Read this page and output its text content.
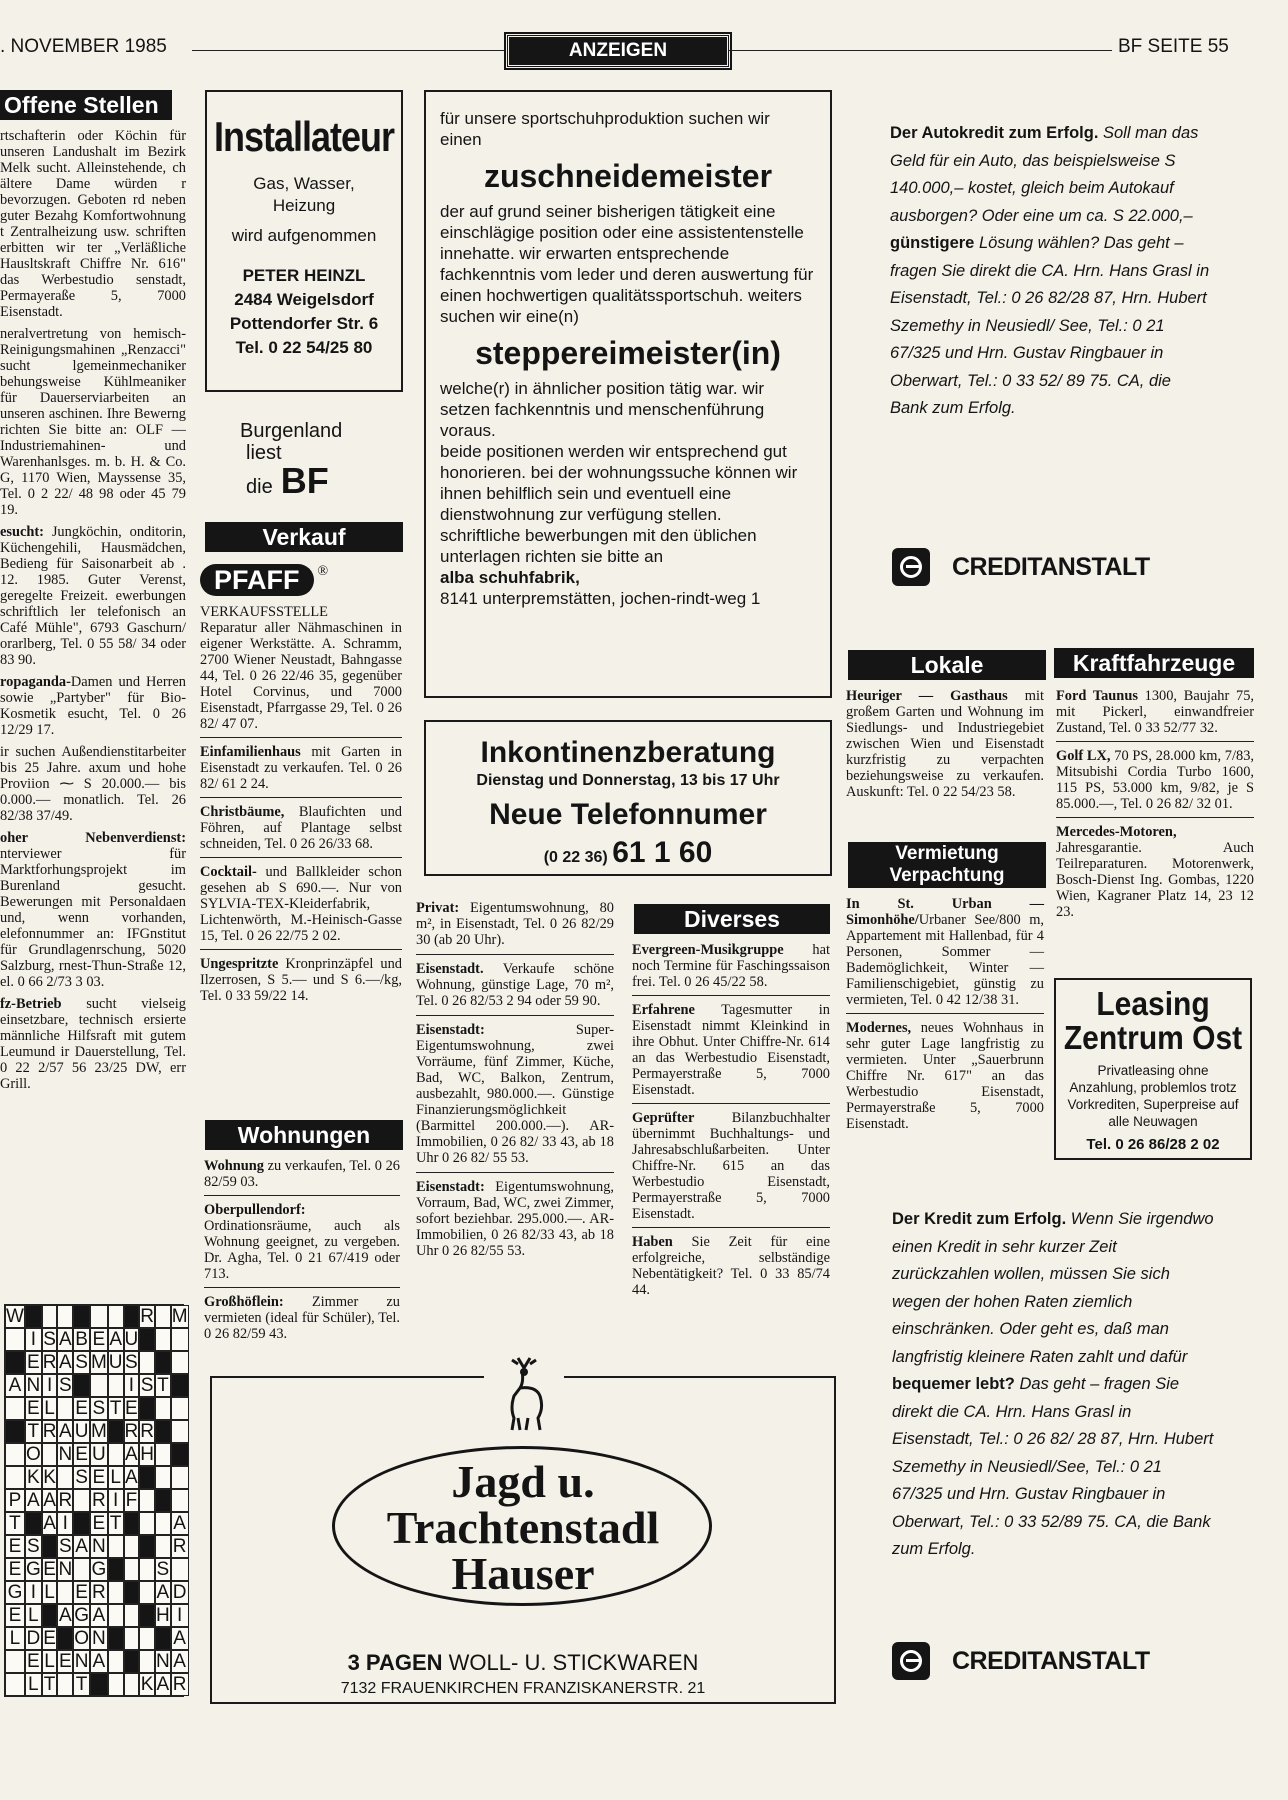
. NOVEMBER 1985	ANZEIGEN	BF SEITE 55
Offene Stellen

rtschafterin oder Köchin für unseren Landushalt im Bezirk Melk sucht. Alleinstehende, ch ältere Dame würden r bevorzugen. Geboten rd neben guter Bezahg Komfortwohnung t Zentralheizung usw. schriften erbitten wir ter „Verläßliche Hausltskraft Chiffre Nr. 616" das Werbestudio senstadt, Permayeraße 5, 7000 Eisenstadt.

neralvertretung von hemisch-Reinigungsmahinen „Renzacci" sucht lgemeinmechaniker behungsweise Kühlmeaniker für Dauerserviarbeiten an unseren aschinen. Ihre Bewerng richten Sie bitte an: OLF — Industriemahinen- und Warenhanlsges. m. b. H. & Co. G, 1170 Wien, Mayssense 35, Tel. 0 2 22/ 48 98 oder 45 79 19.

esucht: Jungköchin, onditorin, Küchengehili, Hausmädchen, Bedieng für Saisonarbeit ab . 12. 1985. Guter Verenst, geregelte Freizeit. ewerbungen schriftlich ler telefonisch an Café Mühle", 6793 Gaschurn/ orarlberg, Tel. 0 55 58/ 34 oder 83 90.

ropaganda-Damen und Herren sowie „Partyber" für Bio-Kosmetik esucht, Tel. 0 26 12/29 17.

ir suchen Außendienstitarbeiter bis 25 Jahre. axum und hohe Proviion ⁓ S 20.000.— bis 0.000.— monatlich. Tel. 26 82/38 37/49.

oher Nebenverdienst: nterviewer für Marktforhungsprojekt im Burenland gesucht. Bewerungen mit Personaldaen und, wenn vorhanden, elefonnummer an: IFGnstitut für Grundlagenrschung, 5020 Salzburg, rnest-Thun-Straße 12, el. 0 66 2/73 3 03.

fz-Betrieb sucht vielseig einsetzbare, technisch ersierte männliche Hilfsraft mit gutem Leumund ir Dauerstellung, Tel. 0 22 2/57 56 23/25 DW, err Grill.

W	R M
I S A B E A U
E R A S M U S
A N I S	I S T
E L E S T E
T R A U M R R
O N E U A H
K K S E L A
P A A R R I F
T A I E T	A
E S S A N	R
E G E N G	S
G I L E R	A D
E L A G A	H I
L D E O N	A
E L E N A	N A
L T T	K A R
Installateur
Gas, Wasser,
Heizung
wird aufgenommen
PETER HEINZL
2484 Weigelsdorf
Pottendorfer Str. 6
Tel. 0 22 54/25 80
Burgenland
liest
die BF
Verkauf
PFAFF ®
VERKAUFSSTELLE

Reparatur aller Nähmaschinen in eigener Werkstätte. A. Schramm, 2700 Wiener Neustadt, Bahngasse 44, Tel. 0 26 22/46 35, gegenüber Hotel Corvinus, und 7000 Eisenstadt, Pfarrgasse 29, Tel. 0 26 82/ 47 07.

Einfamilienhaus mit Garten in Eisenstadt zu verkaufen. Tel. 0 26 82/ 61 2 24.

Christbäume, Blaufichten und Föhren, auf Plantage selbst schneiden, Tel. 0 26 26/33 68.

Cocktail- und Ballkleider schon gesehen ab S 690.—. Nur von SYLVIA-TEX-Kleiderfabrik, Lichtenwörth, M.-Heinisch-Gasse 15, Tel. 0 26 22/75 2 02.

Ungespritzte Kronprinzäpfel und Ilzerrosen, S 5.— und S 6.—/kg, Tel. 0 33 59/22 14.

Wohnungen

Wohnung zu verkaufen, Tel. 0 26 82/59 03.

Oberpullendorf: Ordinationsräume, auch als Wohnung geeignet, zu vergeben. Dr. Agha, Tel. 0 21 67/419 oder 713.

Großhöflein: Zimmer zu vermieten (ideal für Schüler), Tel. 0 26 82/59 43.

für unsere sportschuhproduktion suchen wir einen
zuschneidemeister
der auf grund seiner bisherigen tätigkeit eine einschlägige position oder eine assistentenstelle innehatte. wir erwarten entsprechende fachkenntnis vom leder und deren auswertung für einen hochwertigen qualitätssportschuh. weiters suchen wir eine(n)
steppereimeister(in)
welche(r) in ähnlicher position tätig war. wir setzen fachkenntnis und menschenführung voraus.
beide positionen werden wir entsprechend gut honorieren. bei der wohnungssuche können wir ihnen behilflich sein und eventuell eine dienstwohnung zur verfügung stellen.
schriftliche bewerbungen mit den üblichen unterlagen richten sie bitte an
alba schuhfabrik,
8141 unterpremstätten, jochen-rindt-weg 1
Inkontinenzberatung
Dienstag und Donnerstag, 13 bis 17 Uhr
Neue Telefonnumer
(0 22 36) 61 1 60

Privat: Eigentumswohnung, 80 m², in Eisenstadt, Tel. 0 26 82/29 30 (ab 20 Uhr).

Eisenstadt. Verkaufe schöne Wohnung, günstige Lage, 70 m², Tel. 0 26 82/53 2 94 oder 59 90.

Eisenstadt: Super-Eigentumswohnung, zwei Vorräume, fünf Zimmer, Küche, Bad, WC, Balkon, Zentrum, ausbezahlt, 980.000.—. Günstige Finanzierungsmöglichkeit (Barmittel 200.000.—). AR-Immobilien, 0 26 82/ 33 43, ab 18 Uhr 0 26 82/ 55 53.

Eisenstadt: Eigentumswohnung, Vorraum, Bad, WC, zwei Zimmer, sofort beziehbar. 295.000.—. AR-Immobilien, 0 26 82/33 43, ab 18 Uhr 0 26 82/55 53.

Diverses

Evergreen-Musikgruppe hat noch Termine für Faschingssaison frei. Tel. 0 26 45/22 58.

Erfahrene Tagesmutter in Eisenstadt nimmt Kleinkind in ihre Obhut. Unter Chiffre-Nr. 614 an das Werbestudio Eisenstadt, Permayerstraße 5, 7000 Eisenstadt.

Geprüfter Bilanzbuchhalter übernimmt Buchhaltungs- und Jahresabschlußarbeiten. Unter Chiffre-Nr. 615 an das Werbestudio Eisenstadt, Permayerstraße 5, 7000 Eisenstadt.

Haben Sie Zeit für eine erfolgreiche, selbständige Nebentätigkeit? Tel. 0 33 85/74 44.

Jagd u.
Trachtenstadl
Hauser
3 PAGEN WOLL- U. STICKWAREN
7132 FRAUENKIRCHEN FRANZISKANERSTR. 21
Der Autokredit zum Erfolg. Soll man das Geld für ein Auto, das beispielsweise S 140.000,– kostet, gleich beim Autokauf ausborgen? Oder eine um ca. S 22.000,– günstigere Lösung wählen? Das geht – fragen Sie direkt die CA. Hrn. Hans Grasl in Eisenstadt, Tel.: 0 26 82/28 87, Hrn. Hubert Szemethy in Neusiedl/ See, Tel.: 0 21 67/325 und Hrn. Gustav Ringbauer in Oberwart, Tel.: 0 33 52/ 89 75. CA, die Bank zum Erfolg.
CREDITANSTALT
Lokale

Heuriger — Gasthaus mit großem Garten und Wohnung im Siedlungs- und Industriegebiet zwischen Wien und Eisenstadt kurzfristig zu verpachten beziehungsweise zu verkaufen. Auskunft: Tel. 0 22 54/23 58.

Vermietung
Verpachtung

In St. Urban — Simonhöhe/Urbaner See/800 m, Appartement mit Hallenbad, für 4 Personen, Sommer — Bademöglichkeit, Winter — Familienschigebiet, günstig zu vermieten, Tel. 0 42 12/38 31.

Modernes, neues Wohnhaus in sehr guter Lage langfristig zu vermieten. Unter „Sauerbrunn Chiffre Nr. 617" an das Werbestudio Eisenstadt, Permayerstraße 5, 7000 Eisenstadt.

Kraftfahrzeuge

Ford Taunus 1300, Baujahr 75, mit Pickerl, einwandfreier Zustand, Tel. 0 33 52/77 32.

Golf LX, 70 PS, 28.000 km, 7/83, Mitsubishi Cordia Turbo 1600, 115 PS, 53.000 km, 9/82, je S 85.000.—, Tel. 0 26 82/ 32 01.

Mercedes-Motoren, Jahresgarantie. Auch Teilreparaturen. Motorenwerk, Bosch-Dienst Ing. Gombas, 1220 Wien, Kagraner Platz 14, 23 12 23.

Leasing
Zentrum Ost
Privatleasing ohne Anzahlung, problemlos trotz Vorkrediten, Superpreise auf alle Neuwagen
Tel. 0 26 86/28 2 02
Der Kredit zum Erfolg. Wenn Sie irgendwo einen Kredit in sehr kurzer Zeit zurückzahlen wollen, müssen Sie sich wegen der hohen Raten ziemlich einschränken. Oder geht es, daß man langfristig kleinere Raten zahlt und dafür bequemer lebt? Das geht – fragen Sie direkt die CA. Hrn. Hans Grasl in Eisenstadt, Tel.: 0 26 82/ 28 87, Hrn. Hubert Szemethy in Neusiedl/See, Tel.: 0 21 67/325 und Hrn. Gustav Ringbauer in Oberwart, Tel.: 0 33 52/89 75. CA, die Bank zum Erfolg.
CREDITANSTALT
